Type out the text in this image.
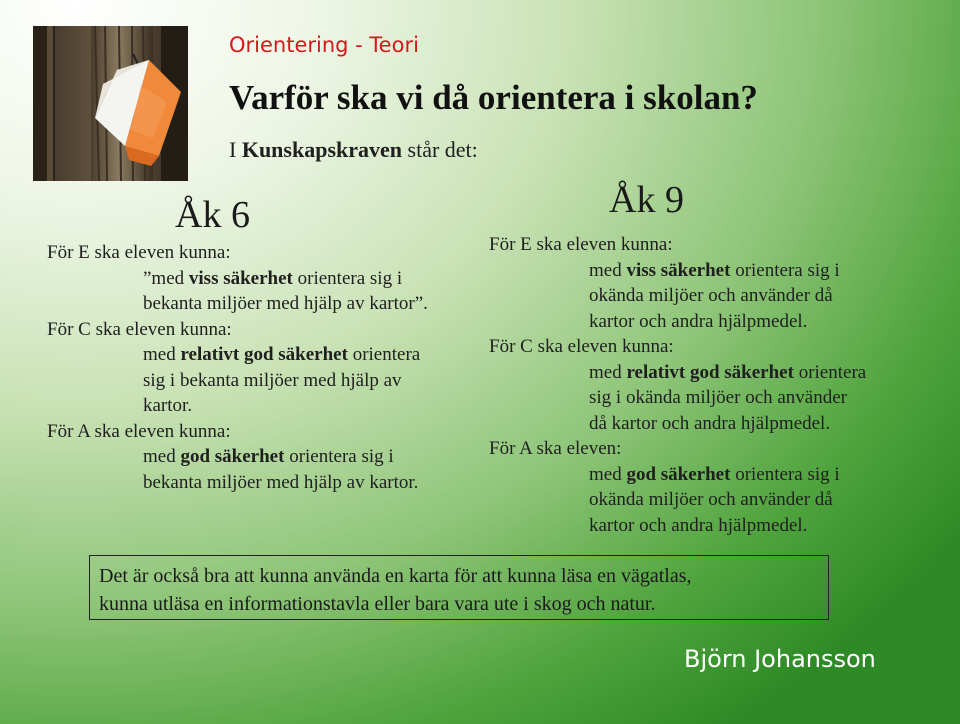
Orientering - Teori
Varför ska vi då orientera i skolan?
I Kunskapskraven står det:
Åk 6

För E ska eleven kunna:

”med viss säkerhet orientera sig i

bekanta miljöer med hjälp av kartor”.

För C ska eleven kunna:

med relativt god säkerhet orientera

sig i bekanta miljöer med hjälp av

kartor.

För A ska eleven kunna:

med god säkerhet orientera sig i

bekanta miljöer med hjälp av kartor.

Åk 9

För E ska eleven kunna:

med viss säkerhet orientera sig i

okända miljöer och använder då

kartor och andra hjälpmedel.

För C ska eleven kunna:

med relativt god säkerhet orientera

sig i okända miljöer och använder

då kartor och andra hjälpmedel.

För A ska eleven:

med god säkerhet orientera sig i

okända miljöer och använder då

kartor och andra hjälpmedel.

Det är också bra att kunna använda en karta för att kunna läsa en vägatlas,

kunna utläsa en informationstavla eller bara vara ute i skog och natur.

Björn Johansson
